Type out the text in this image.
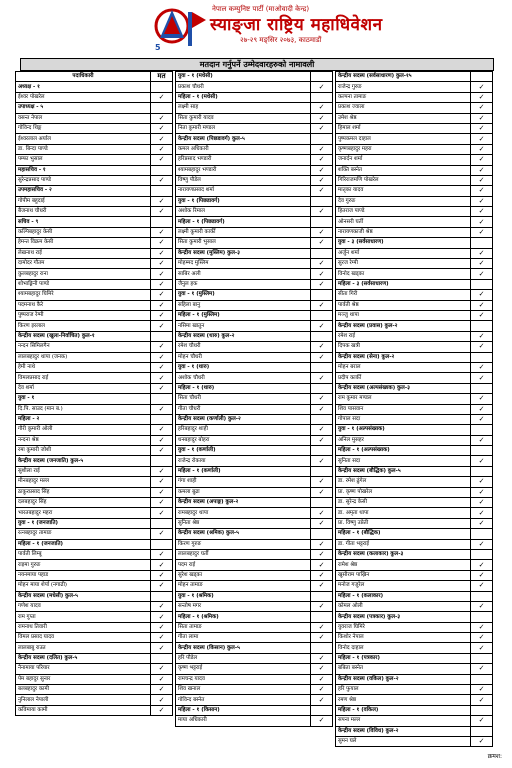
5
नेपाल कम्युनिष्ट पार्टी (माओवादी केन्द्र)
स्याङ्जा राष्ट्रिय महाधिवेशन
२७-२९ मङ्सिर २०७३, काठमाडौं
मतदान गर्नुपर्ने उम्मेदवारहरुको नामावली
पदाधिकारी	मत
अध्यक्ष - १	
ईश्वर पोखरेल	✓
उपाध्यक्ष - ५	
वसन्त नेपाल	✓
गोविन्द थिङ्ग	✓
ईश्वरलाल अर्याल	✓
डा. बिन्दा पाण्डे	✓
पम्फा भुसाल	✓
महासचिव - १	
सुरेन्द्रप्रसाद पाण्डे	✓
उपमहासचिव - २	
गोपीम बहुदाई	✓
बैजनाथ चौधरी	✓
सचिव - ९	
कल्पिबहादुर केसी	✓
हेमन्त विक्रम केसी	✓
लेखनाथ राई	✓
दामोदर गौतम	✓
कुलबहादुर राना	✓
शोभाङ्गिनी पाण्डे	✓
श्यामबहादुर घिमिरे	✓
पदमनाथ कैरे	✓
पुष्पराज रेग्मी	✓
किरण इरलाल	✓
केन्द्रीय सदस्य (खुला-निर्वाचित) कुल-१	
नन्दन सिमिलगैन	✓
लालबहादुर थापा (जनक)	✓
हेमी नाथे	✓
विमलप्रसाद राई	✓
देव शर्मा	✓
युवा - १	
दि.पि. साउद (मान ब.)	✓
महिला - २	
गौरी कुमारी ओली	✓
नन्दना श्रेष्ठ	✓
रमा कुमारी जोशी	✓
केन्द्रीय सदस्य (जनजाति) कुल-५	
सुशीला राई	✓
मीनबहादुर मल्ल	✓
ठाकुरप्रसाद सिंह	✓
दलबहादुर सिंह	✓
भारतबहादुर महरा	✓
युवा - १ (जनजाति)	
रत्नबहादुर तामाङ	✓
महिला - १ (जनजाति)	
पार्वती लिम्बू	✓
राइमा गुरुङ	✓
नयनमाया पहाड	✓
मोहन माया शेर्पा (नगाढी)	✓
केन्द्रीय सदस्य (मधेसी) कुल-५	
गणेश यादव	✓
राम गुप्ता	✓
रामनाथ तिवारी	✓
विमल प्रसाद यादव	✓
लालबाबु राउत	✓
केन्द्रीय सदस्य (दलित) कुल-५	
नैनामाया परियार	✓
पेम बहादुर सुनार	✓
बलबहादुर कामी	✓
नुनिलाल नेपाली	✓
कविमाया कामी	✓
युवा - १ (मधेसी)	
प्रकाश चौधरी	✓
महिला - १ (मधेसी)	
लक्ष्मी साह	✓
सिता कुमारी यादव	✓
निता कुमारी मण्डल	✓
केन्द्रीय सदस्य (पिछडावर्ग) कुल-५	
कमल अधिकारी	✓
हरिप्रसाद भण्डारी	✓
श्यामबहादुर भण्डारी	✓
विष्णु पौडेल	✓
नारायणप्रसाद शर्मा	✓
युवा - १ (पिछडावर्ग)	
अशोक रिमाल	✓
महिला - १ (पिछडावर्ग)	
लक्ष्मी कुमारी कार्की	✓
सिता कुमारी भुसाल	✓
केन्द्रीय सदस्य (मुस्लिम) कुल-३	
मोहम्मद मुस्लिम	✓
साबिर अली	✓
जैनुल हक	✓
युवा - १ (मुस्लिम)	
सहिला बानु	✓
महिला - १ (मुस्लिम)	
नसिमा खातुन	✓
केन्द्रीय सदस्य (थारु) कुल-२	
रमेश चौधरी	✓
मोहन चौधरी	✓
युवा - १ (थारु)	
अशोक चौधरी	✓
महिला - १ (थारु)	
सिता चौधरी	✓
गीता चौधरी	✓
केन्द्रीय सदस्य (कर्णाली) कुल-२	
हरिबहादुर शाही	✓
धनबहादुर बोहरा	✓
युवा - १ (कर्णाली)	
राजेन्द्र रोकाया	✓
महिला - १ (कर्णाली)	
गंगा शाही	✓
कमला बुढा	✓
केन्द्रीय सदस्य (अपाङ्ग) कुल-२	
रामबहादुर थापा	✓
सुनिता श्रेष्ठ	✓
केन्द्रीय सदस्य (श्रमिक) कुल-५	
किरण गुरुङ	✓
लालबहादुर घर्ती	✓
पदम राई	✓
सुरेश खड्का	✓
मोहन तामाङ	✓
युवा - १ (श्रमिक)	
सन्तोष मगर	✓
महिला - १ (श्रमिक)	
सिता तामाङ	✓
गीता लामा	✓
केन्द्रीय सदस्य (किसान) कुल-५	
हरि पौडेल	✓
कृष्ण भट्टराई	✓
रामचन्द्र यादव	✓
शिव खनाल	✓
गोविन्द बस्नेत	✓
महिला - १ (किसान)	
माया अधिकारी	✓
केन्द्रीय सदस्य (सर्वसाधारण) कुल-१५	
राजेन्द्र गुरुङ	✓
कल्पना तामाङ	✓
प्रकाश ज्वाला	✓
उमेश श्रेष्ठ	✓
हिमाल शर्मा	✓
पुष्पकमल दाहाल	✓
कृष्णबहादुर महरा	✓
जनार्दन शर्मा	✓
शक्ति बस्नेत	✓
गिरिराजमणि पोखरेल	✓
मातृका यादव	✓
देव गुरुङ	✓
हितराज पाण्डे	✓
ओनसरी घर्ती	✓
नारायणकाजी श्रेष्ठ	✓
युवा - ३ (सर्वसाधारण)	
अर्जुन शर्मा	✓
सुरज रेग्मी	✓
विनोद खड्का	✓
महिला - ३ (सर्वसाधारण)	
सीता गिरी	✓
पार्वती श्रेष्ठ	✓
मञ्जु थापा	✓
केन्द्रीय सदस्य (प्रवास) कुल-२	
रमेश राई	✓
दिपक खत्री	✓
केन्द्रीय सदस्य (सेना) कुल-२	
मोहन बराल	✓
प्रदीप कार्की	✓
केन्द्रीय सदस्य (अल्पसंख्यक) कुल-३	
राम कुमार मण्डल	✓
शिव पासवान	✓
गोपाल सदा	✓
युवा - १ (अल्पसंख्यक)	
अनिल मुसहर	✓
महिला - १ (अल्पसंख्यक)	
सुनिता सदा	✓
केन्द्रीय सदस्य (बौद्धिक) कुल-५	
डा. रमेश ढुंगेल	✓
प्रा. कृष्ण पोखरेल	✓
डा. सुरेन्द्र केसी	✓
डा. अमृता थापा	✓
प्रा. विष्णु उप्रेती	✓
महिला - १ (बौद्धिक)	
डा. गीता भट्टराई	✓
केन्द्रीय सदस्य (कलाकार) कुल-३	
रामेश श्रेष्ठ	✓
खुसीराम पाख्रिन	✓
मनोज गजुरेल	✓
महिला - १ (कलाकार)	
कोमल ओली	✓
केन्द्रीय सदस्य (पत्रकार) कुल-३	
युवराज घिमिरे	✓
किशोर नेपाल	✓
विनोद दाहाल	✓
महिला - १ (पत्रकार)	
बबिता बस्नेत	✓
केन्द्रीय सदस्य (वकिल) कुल-२	
हरि फुयाल	✓
रमण श्रेष्ठ	✓
महिला - १ (वकिल)	
सपना मल्ल	✓
केन्द्रीय सदस्य (विविध) कुल-२	
सुमन घले	✓
क्रमश:
